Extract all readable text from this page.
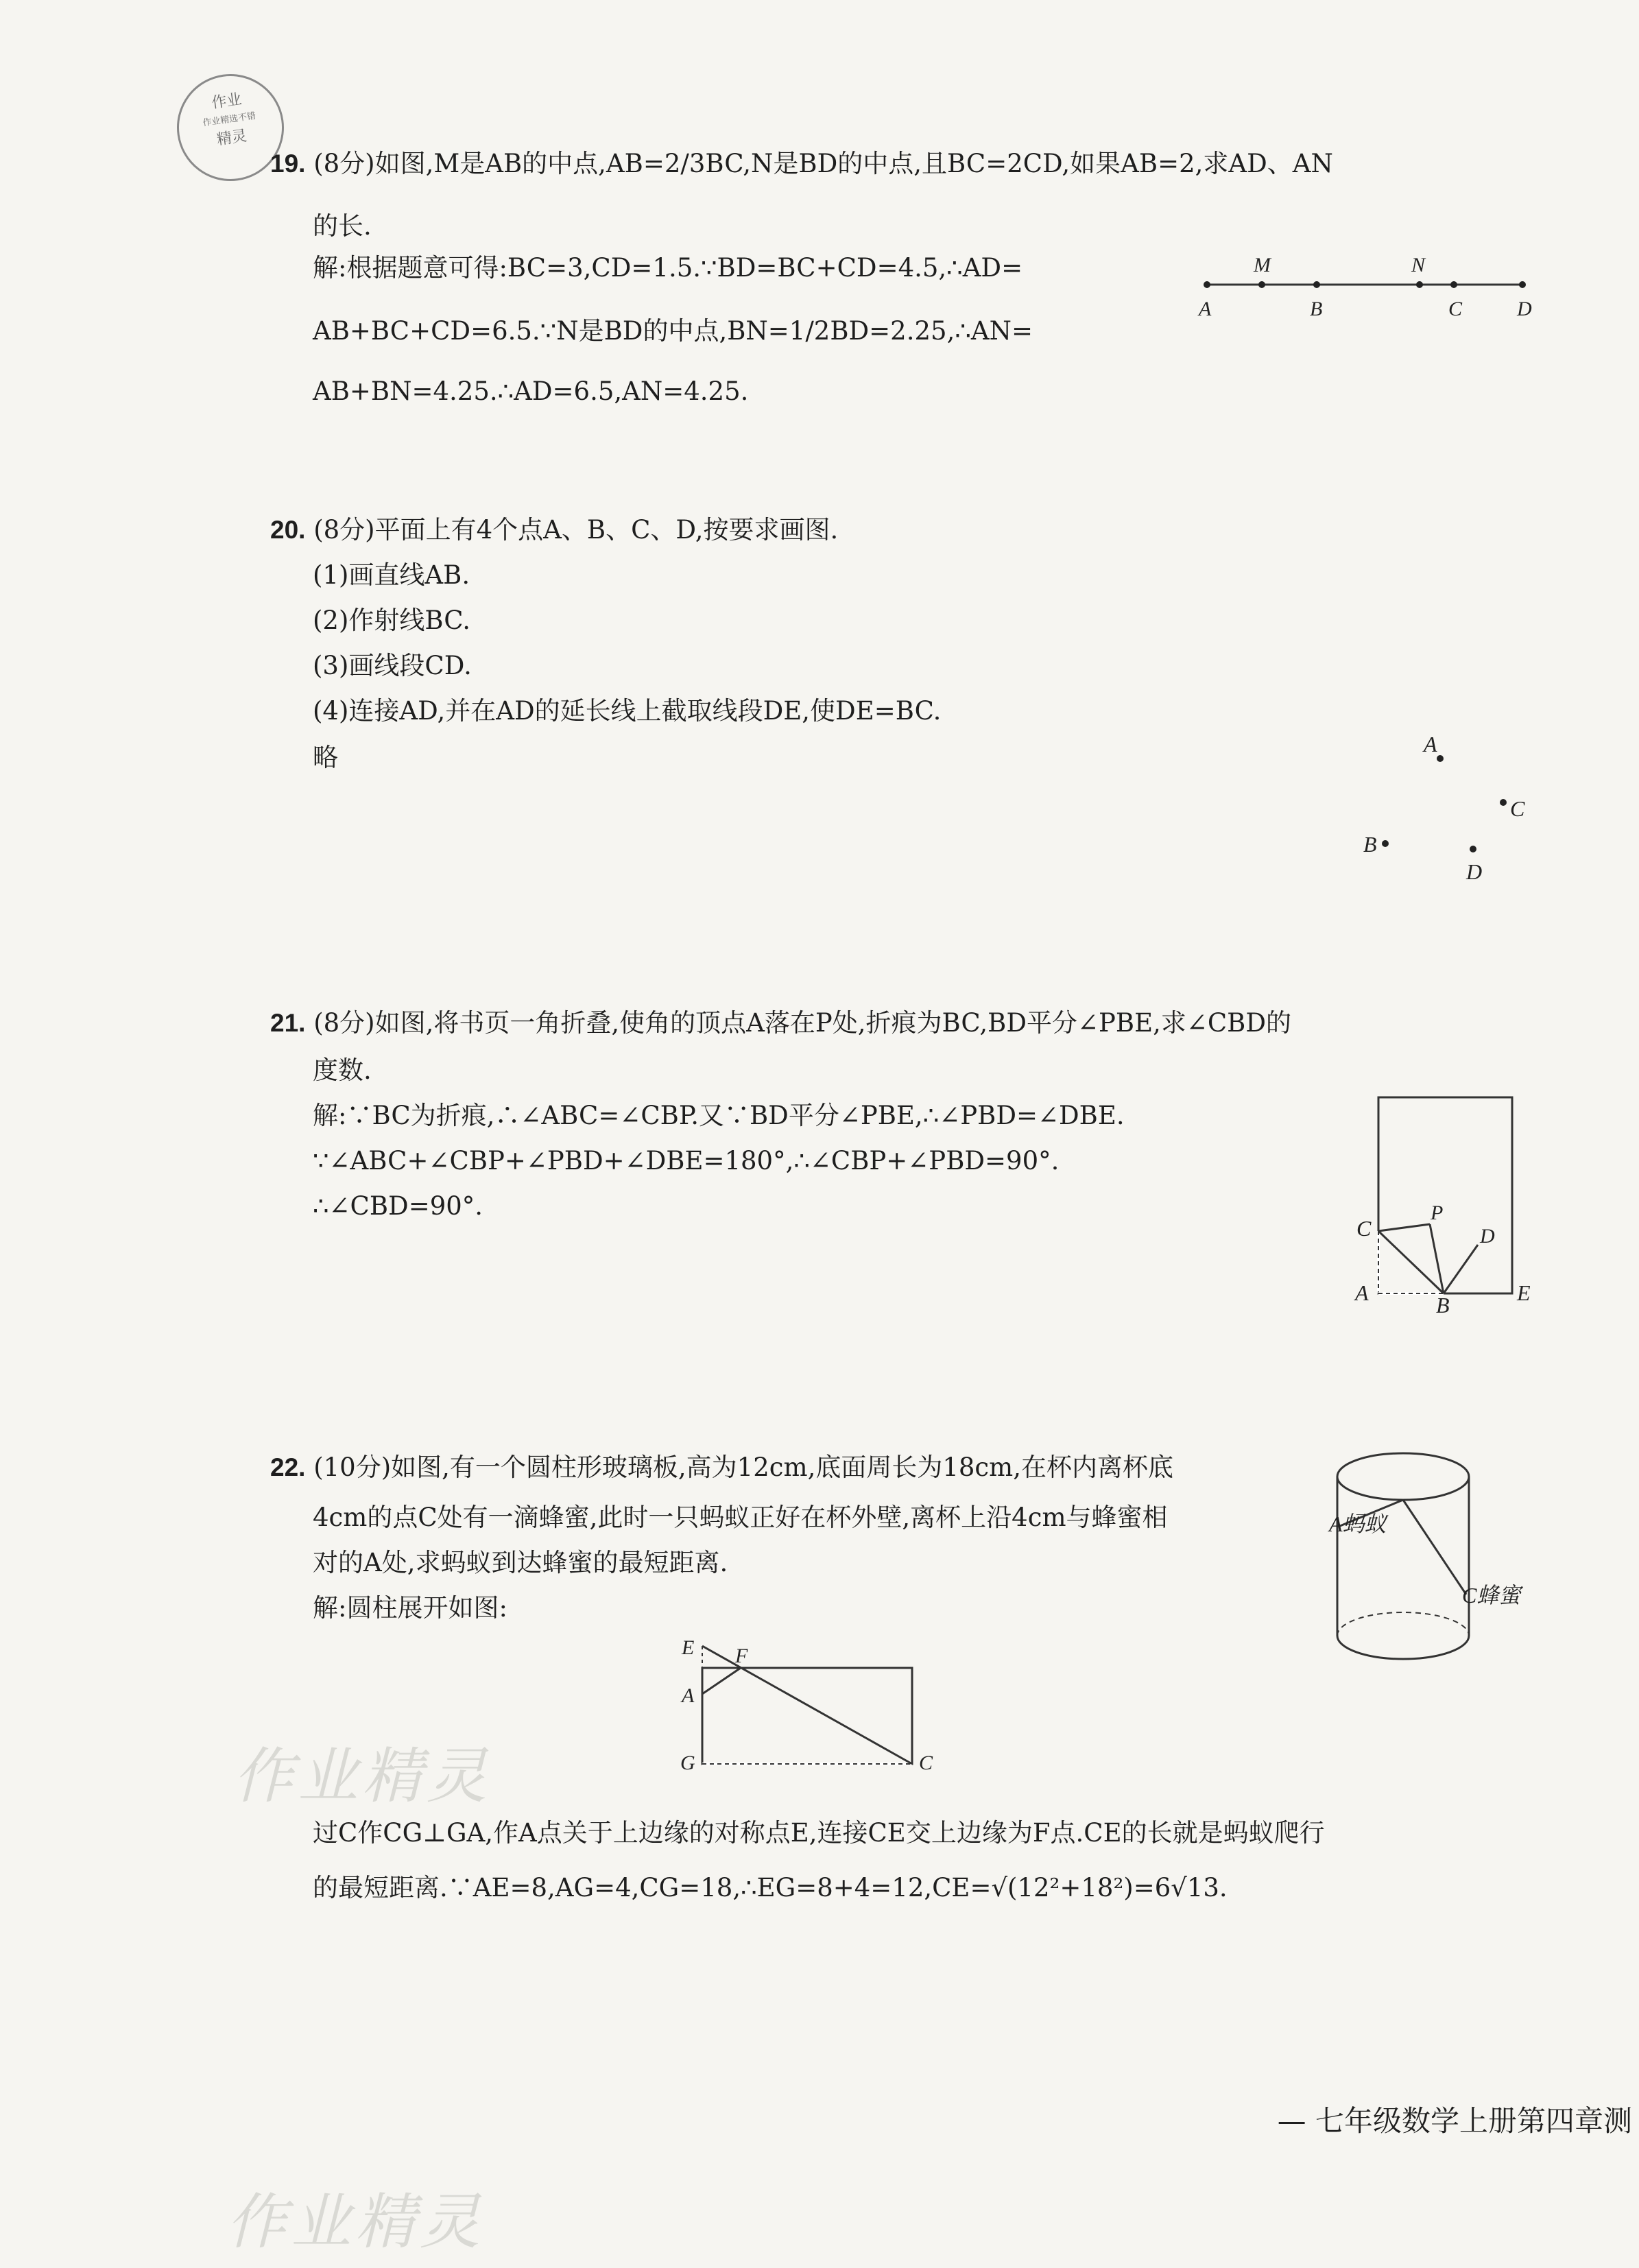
作业
作业精选不错
精灵
19. (8分)如图,M是AB的中点,AB=2/3BC,N是BD的中点,且BC=2CD,如果AB=2,求AD、AN
的长.
解:根据题意可得:BC=3,CD=1.5.∵BD=BC+CD=4.5,∴AD=
AB+BC+CD=6.5.∵N是BD的中点,BN=1/2BD=2.25,∴AN=
AB+BN=4.25.∴AD=6.5,AN=4.25.
A
M
B
N
C	D
20. (8分)平面上有4个点A、B、C、D,按要求画图.
(1)画直线AB.
(2)作射线BC.
(3)画线段CD.
(4)连接AD,并在AD的延长线上截取线段DE,使DE=BC.
略	A
C
B
D
21. (8分)如图,将书页一角折叠,使角的顶点A落在P处,折痕为BC,BD平分∠PBE,求∠CBD的
度数.
解:∵BC为折痕,∴∠ABC=∠CBP.又∵BD平分∠PBE,∴∠PBD=∠DBE.
∵∠ABC+∠CBP+∠PBD+∠DBE=180°,∴∠CBP+∠PBD=90°.
∴∠CBD=90°.
C
P
D
A	B	E
22. (10分)如图,有一个圆柱形玻璃板,高为12cm,底面周长为18cm,在杯内离杯底
4cm的点C处有一滴蜂蜜,此时一只蚂蚁正好在杯外壁,离杯上沿4cm与蜂蜜相
对的A处,求蚂蚁到达蜂蜜的最短距离.
解:圆柱展开如图:
A蚂蚁
C蜂蜜
E F
A
G	C
过C作CG⊥GA,作A点关于上边缘的对称点E,连接CE交上边缘为F点.CE的长就是蚂蚁爬行
的最短距离.∵AE=8,AG=4,CG=18,∴EG=8+4=12,CE=√(12²+18²)=6√13.
作业精灵
作业精灵
— 七年级数学上册第四章测
